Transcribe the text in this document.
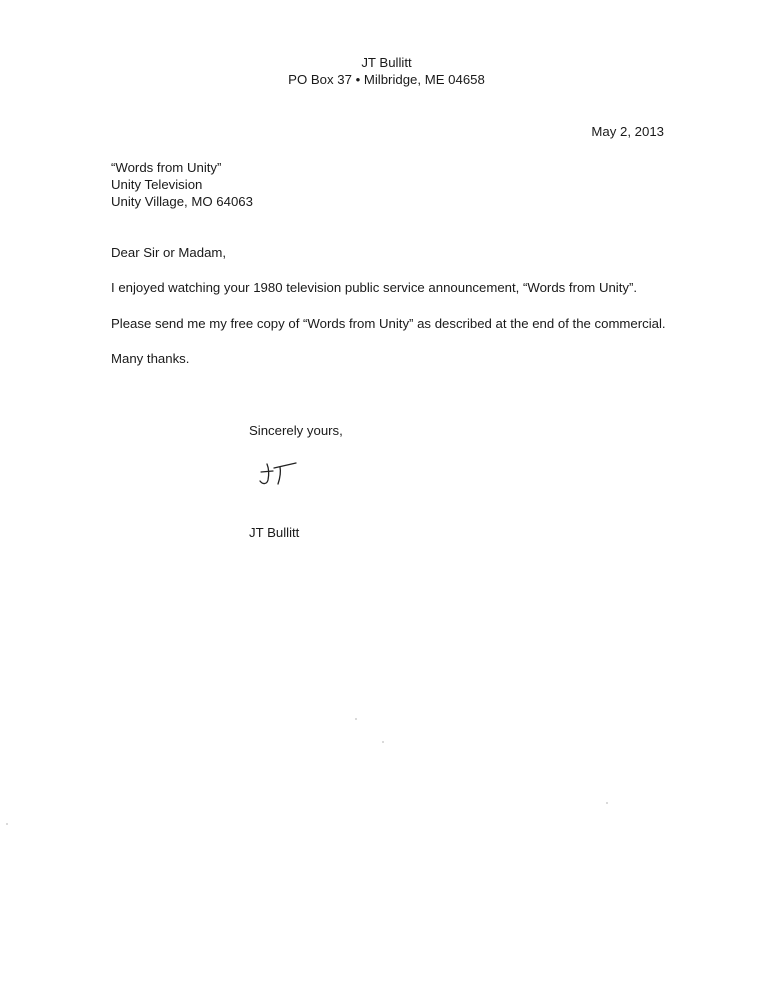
JT Bullitt
PO Box 37 • Milbridge, ME 04658
May 2, 2013
“Words from Unity”
Unity Television
Unity Village, MO 64063
Dear Sir or Madam,
I enjoyed watching your 1980 television public service announcement, “Words from Unity”.
Please send me my free copy of “Words from Unity” as described at the end of the commercial.
Many thanks.
Sincerely yours,
JT Bullitt
